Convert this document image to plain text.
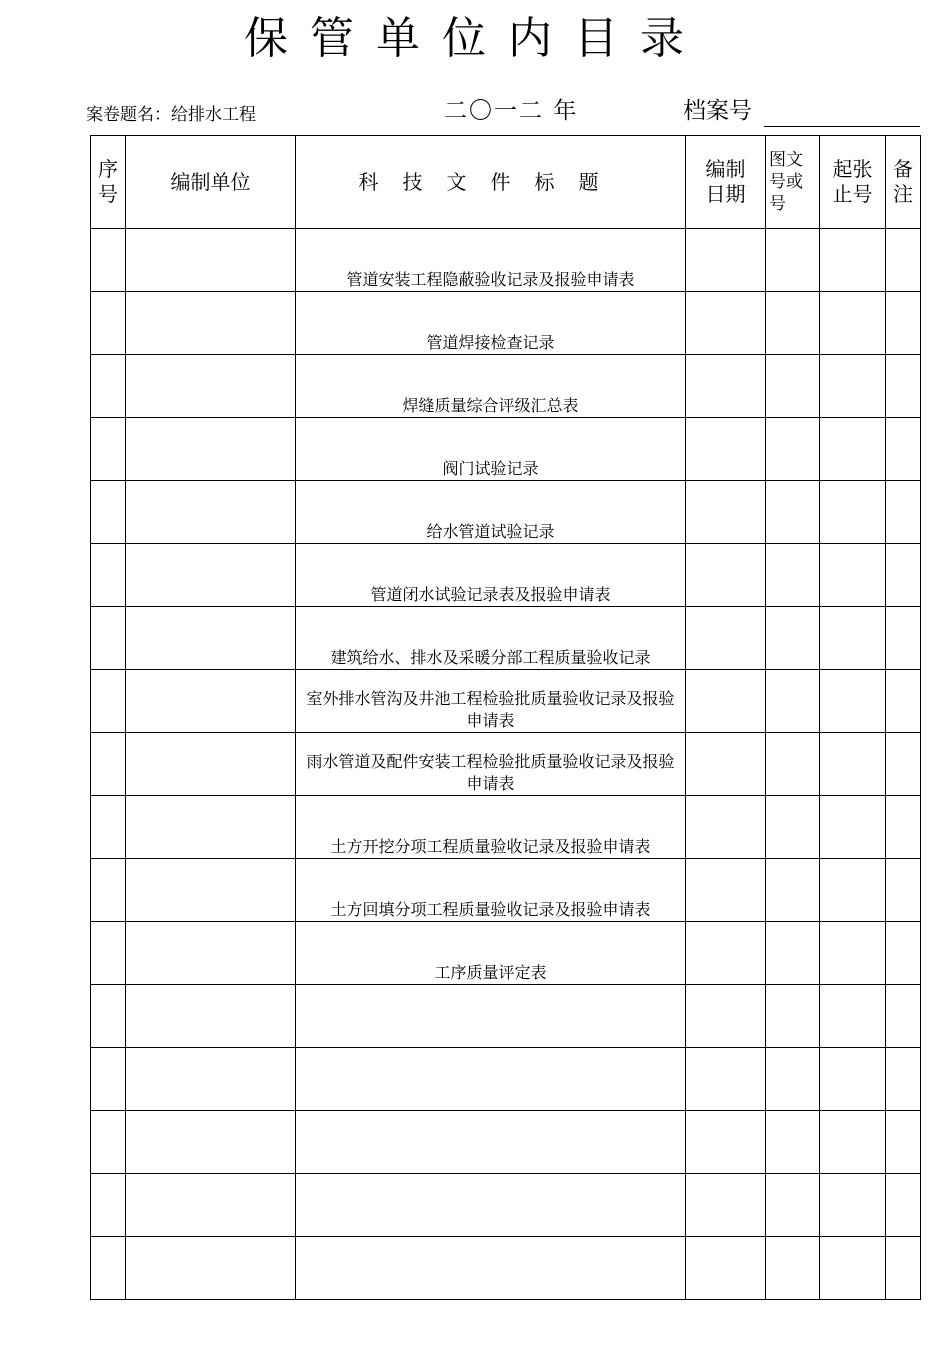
保管单位内目录
案卷题名：给排水工程	二〇一二 年	档案号
序号	编制单位	科技文件标题	编制日期	图文号或号	起张止号	备注
		管道安装工程隐蔽验收记录及报验申请表				
		管道焊接检查记录				
		焊缝质量综合评级汇总表				
		阀门试验记录				
		给水管道试验记录				
		管道闭水试验记录表及报验申请表				
		建筑给水、排水及采暖分部工程质量验收记录				
		室外排水管沟及井池工程检验批质量验收记录及报验申请表				
		雨水管道及配件安装工程检验批质量验收记录及报验申请表				
		土方开挖分项工程质量验收记录及报验申请表				
		土方回填分项工程质量验收记录及报验申请表				
		工序质量评定表				
